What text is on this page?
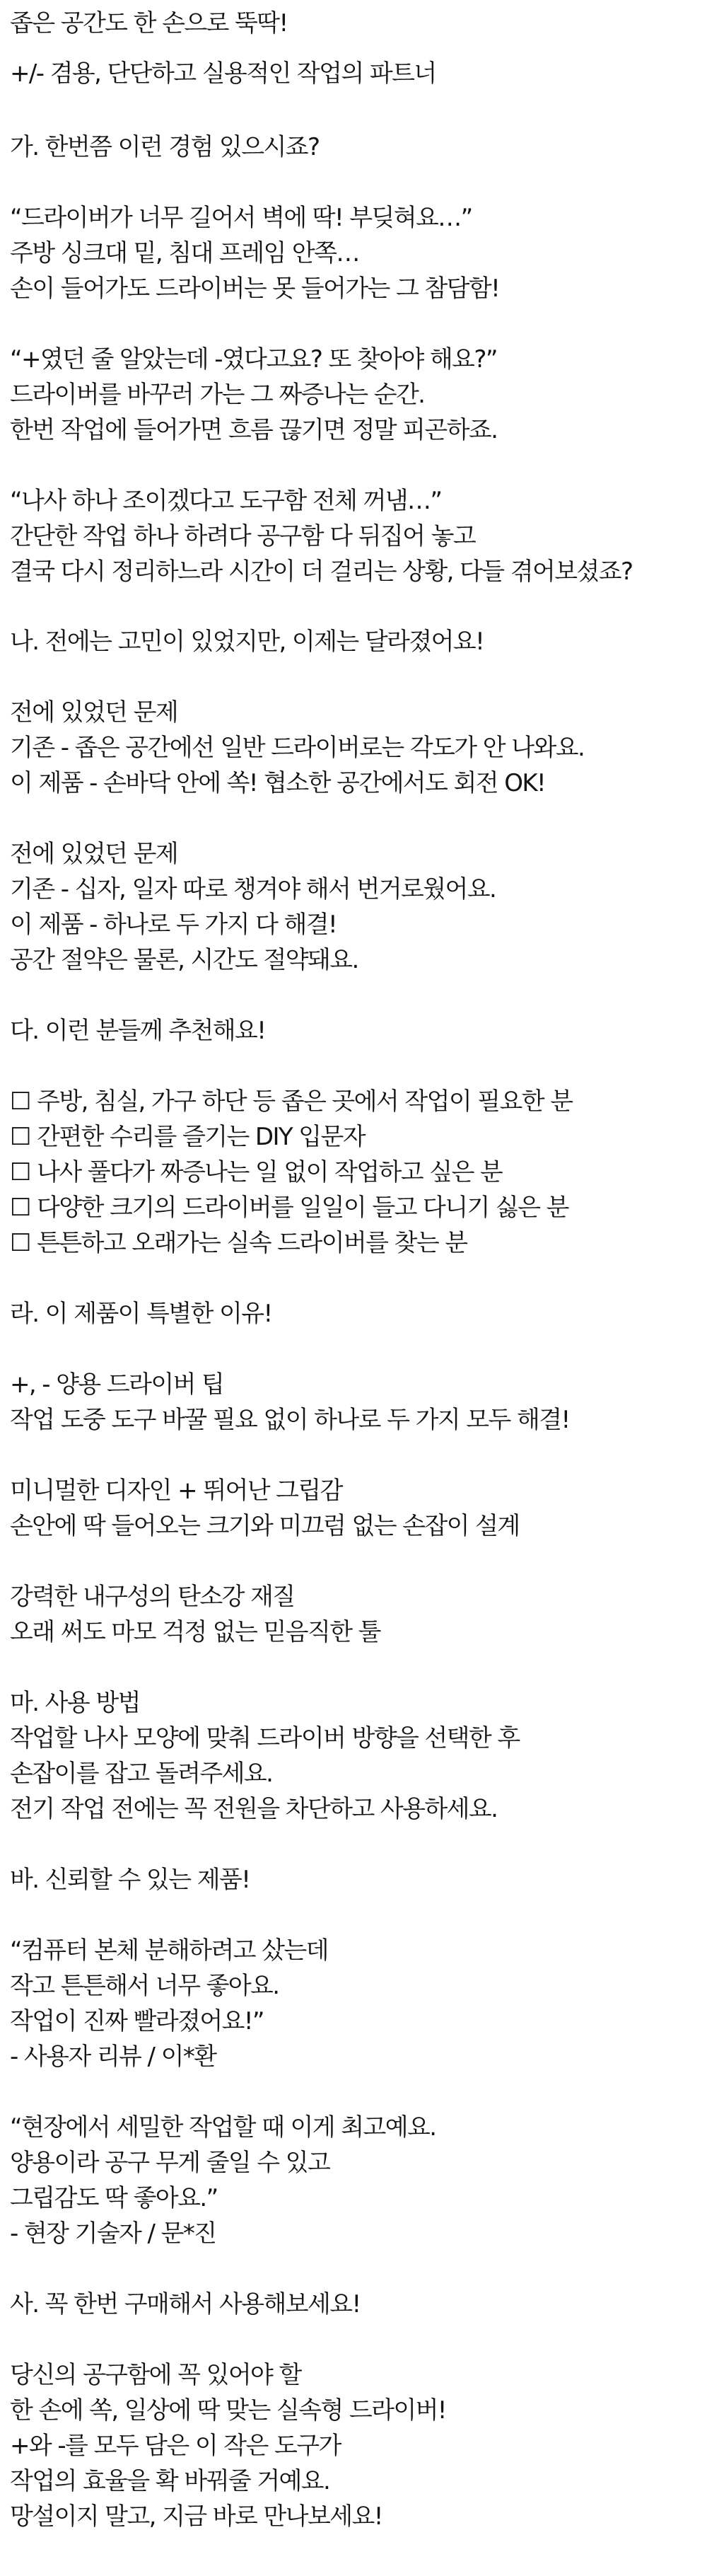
좁은 공간도 한 손으로 뚝딱!
+/- 겸용, 단단하고 실용적인 작업의 파트너
가. 한번쯤 이런 경험 있으시죠?
“드라이버가 너무 길어서 벽에 딱! 부딪혀요…”
주방 싱크대 밑, 침대 프레임 안쪽…
손이 들어가도 드라이버는 못 들어가는 그 참담함!
“+였던 줄 알았는데 -였다고요? 또 찾아야 해요?”
드라이버를 바꾸러 가는 그 짜증나는 순간.
한번 작업에 들어가면 흐름 끊기면 정말 피곤하죠.
“나사 하나 조이겠다고 도구함 전체 꺼냄…”
간단한 작업 하나 하려다 공구함 다 뒤집어 놓고
결국 다시 정리하느라 시간이 더 걸리는 상황, 다들 겪어보셨죠?
나. 전에는 고민이 있었지만, 이제는 달라졌어요!
전에 있었던 문제
기존 - 좁은 공간에선 일반 드라이버로는 각도가 안 나와요.
이 제품 - 손바닥 안에 쏙! 협소한 공간에서도 회전 OK!
전에 있었던 문제
기존 - 십자, 일자 따로 챙겨야 해서 번거로웠어요.
이 제품 - 하나로 두 가지 다 해결!
공간 절약은 물론, 시간도 절약돼요.
다. 이런 분들께 추천해요!
☐ 주방, 침실, 가구 하단 등 좁은 곳에서 작업이 필요한 분
☐ 간편한 수리를 즐기는 DIY 입문자
☐ 나사 풀다가 짜증나는 일 없이 작업하고 싶은 분
☐ 다양한 크기의 드라이버를 일일이 들고 다니기 싫은 분
☐ 튼튼하고 오래가는 실속 드라이버를 찾는 분
라. 이 제품이 특별한 이유!
+, - 양용 드라이버 팁
작업 도중 도구 바꿀 필요 없이 하나로 두 가지 모두 해결!
미니멀한 디자인 + 뛰어난 그립감
손안에 딱 들어오는 크기와 미끄럼 없는 손잡이 설계
강력한 내구성의 탄소강 재질
오래 써도 마모 걱정 없는 믿음직한 툴
마. 사용 방법
작업할 나사 모양에 맞춰 드라이버 방향을 선택한 후
손잡이를 잡고 돌려주세요.
전기 작업 전에는 꼭 전원을 차단하고 사용하세요.
바. 신뢰할 수 있는 제품!
“컴퓨터 본체 분해하려고 샀는데
작고 튼튼해서 너무 좋아요.
작업이 진짜 빨라졌어요!”
- 사용자 리뷰 / 이*환
“현장에서 세밀한 작업할 때 이게 최고예요.
양용이라 공구 무게 줄일 수 있고
그립감도 딱 좋아요.”
- 현장 기술자 / 문*진
사. 꼭 한번 구매해서 사용해보세요!
당신의 공구함에 꼭 있어야 할
한 손에 쏙, 일상에 딱 맞는 실속형 드라이버!
+와 -를 모두 담은 이 작은 도구가
작업의 효율을 확 바꿔줄 거예요.
망설이지 말고, 지금 바로 만나보세요!
